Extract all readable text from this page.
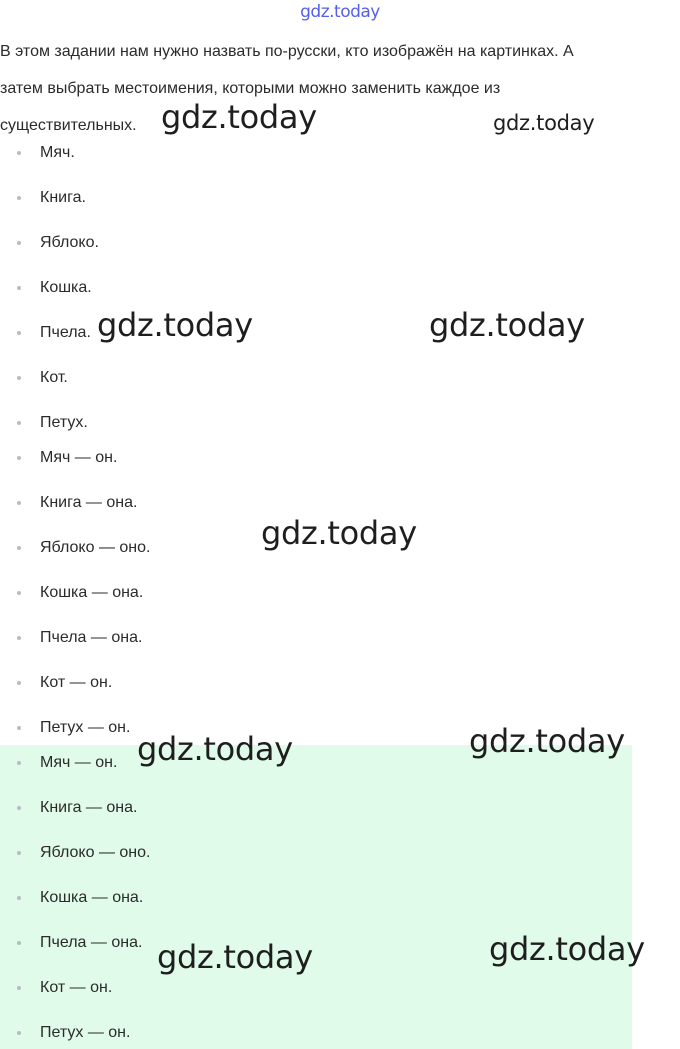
gdz.today
В этом задании нам нужно назвать по-русски, кто изображён на картинках. А
затем выбрать местоимения, которыми можно заменить каждое из
существительных.
Мяч.
Книга.
Яблоко.
Кошка.
Пчела.
Кот.
Петух.
Мяч — он.
Книга — она.
Яблоко — оно.
Кошка — она.
Пчела — она.
Кот — он.
Петух — он.
Мяч — он.
Книга — она.
Яблоко — оно.
Кошка — она.
Пчела — она.
Кот — он.
Петух — он.
gdz.today	gdz.today
gdz.today	gdz.today
gdz.today
gdz.today	gdz.today
gdz.today	gdz.today
